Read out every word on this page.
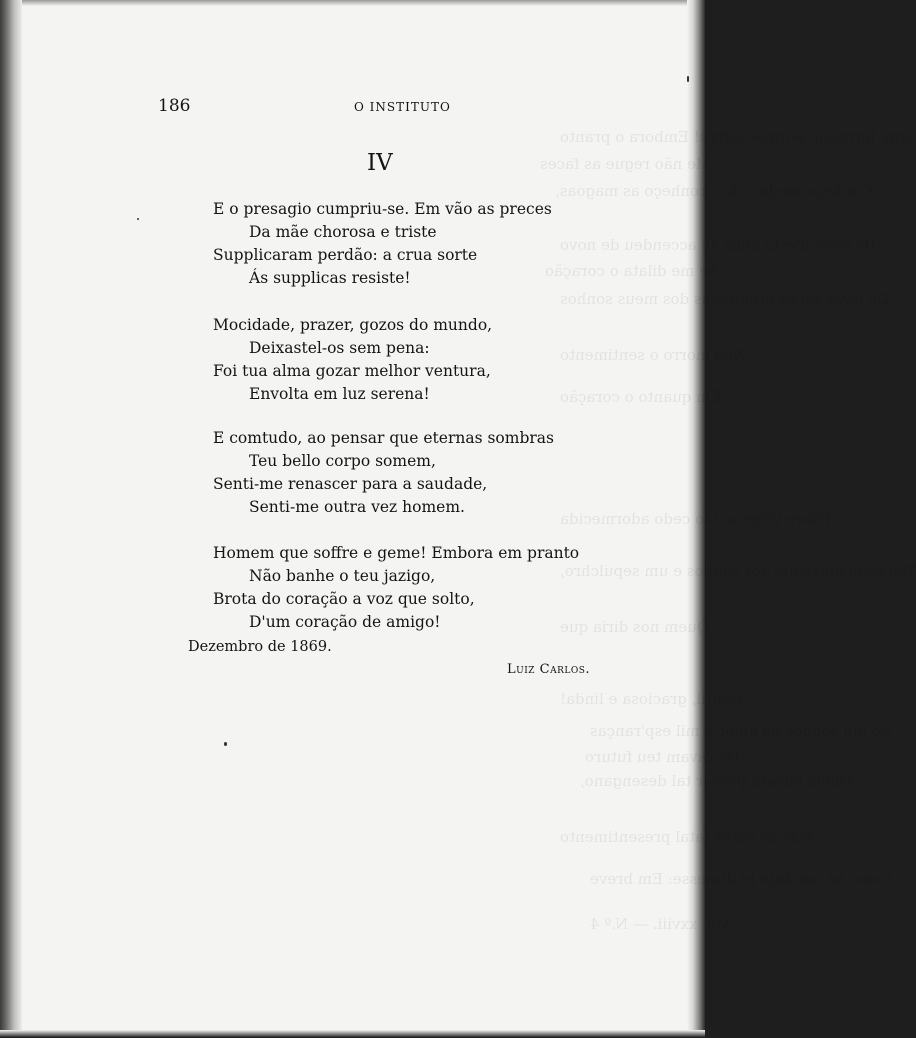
Sim, formosa, porque sofres! Embora o pranto
Me não regue as faces
Conheço ainda a dor, conheço as magoas,
De novo n'esta alma se accendeu de novo
Se me dilata o coração
De novo sei as promessas dos meus sonhos
Não morro o sentimento
Em quanto o coração
Pobre virgem, tão cedo adormecida
Tão cedo entregue aos sonhos e um sepulchro,
Quem nos diria que
Gentil, graciosa e linda!
Se mil sonhos de amor e mil esp'ranças
Doiravam teu futuro
Quem ousara prever tal desengano,
Mas às vezes presentimento
Como se um Anjo te dissesse: Em breve
Vol. xxviii. — N.º 4
186	O INSTITUTO
IV
E o presagio cumpriu-se. Em vão as preces
Da mãe chorosa e triste
Supplicaram perdão: a crua sorte
Ás supplicas resiste!
Mocidade, prazer, gozos do mundo,
Deixastel-os sem pena:
Foi tua alma gozar melhor ventura,
Envolta em luz serena!
E comtudo, ao pensar que eternas sombras
Teu bello corpo somem,
Senti-me renascer para a saudade,
Senti-me outra vez homem.
Homem que soffre e geme! Embora em pranto
Não banhe o teu jazigo,
Brota do coração a voz que solto,
D'um coração de amigo!
Dezembro de 1869.
Luiz Carlos.
